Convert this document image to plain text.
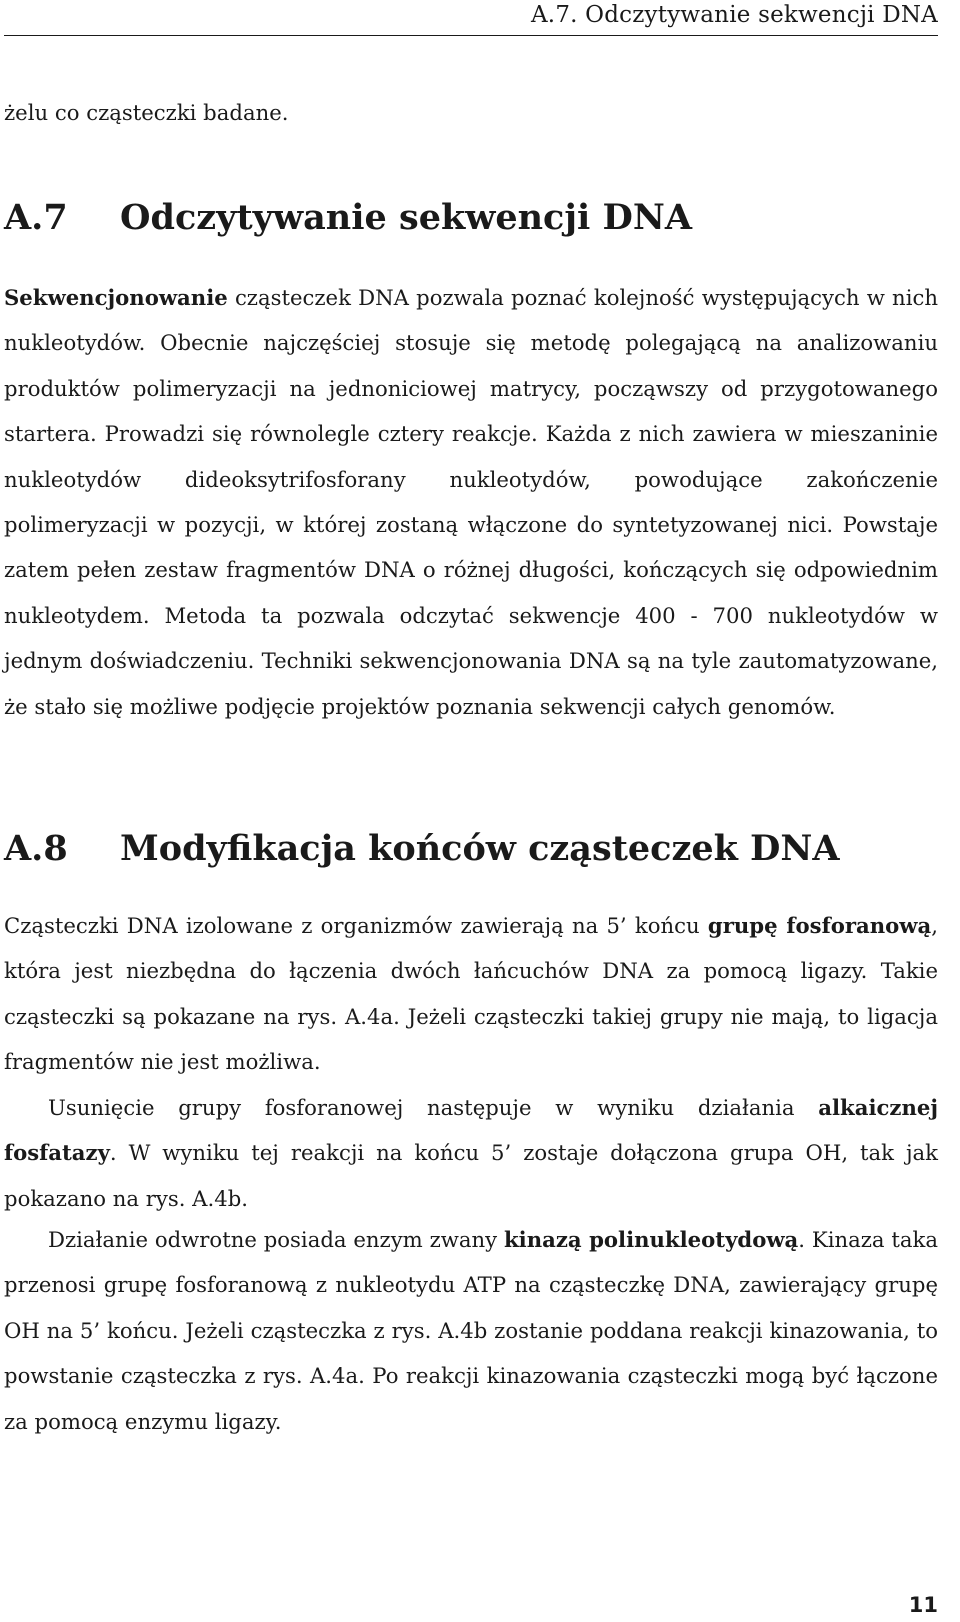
A.7. Odczytywanie sekwencji DNA
żelu co cząsteczki badane.
A.7 Odczytywanie sekwencji DNA
Sekwencjonowanie cząsteczek DNA pozwala poznać kolejność występujących w nich nukleotydów. Obecnie najczęściej stosuje się metodę polegającą na analizowaniu produktów polimeryzacji na jednoniciowej matrycy, począwszy od przygotowanego startera. Prowadzi się równolegle cztery reakcje. Każda z nich zawiera w mieszaninie nukleotydów dideoksytrifosforany nukleotydów, powodujące zakończenie polimeryzacji w pozycji, w której zostaną włączone do syntetyzowanej nici. Powstaje zatem pełen zestaw fragmentów DNA o różnej długości, kończących się odpowiednim nukleotydem. Metoda ta pozwala odczytać sekwencje 400 - 700 nukleotydów w jednym doświadczeniu. Techniki sekwencjonowania DNA są na tyle zautomatyzowane, że stało się możliwe podjęcie projektów poznania sekwencji całych genomów.
A.8 Modyfikacja końców cząsteczek DNA
Cząsteczki DNA izolowane z organizmów zawierają na 5’ końcu grupę fosforanową, która jest niezbędna do łączenia dwóch łańcuchów DNA za pomocą ligazy. Takie cząsteczki są pokazane na rys. A.4a. Jeżeli cząsteczki takiej grupy nie mają, to ligacja fragmentów nie jest możliwa.
Usunięcie grupy fosforanowej następuje w wyniku działania alkaicznej fosfatazy. W wyniku tej reakcji na końcu 5’ zostaje dołączona grupa OH, tak jak pokazano na rys. A.4b.
Działanie odwrotne posiada enzym zwany kinazą polinukleotydową. Kinaza taka przenosi grupę fosforanową z nukleotydu ATP na cząsteczkę DNA, zawierający grupę OH na 5’ końcu. Jeżeli cząsteczka z rys. A.4b zostanie poddana reakcji kinazowania, to powstanie cząsteczka z rys. A.4a. Po reakcji kinazowania cząsteczki mogą być łączone za pomocą enzymu ligazy.
11
